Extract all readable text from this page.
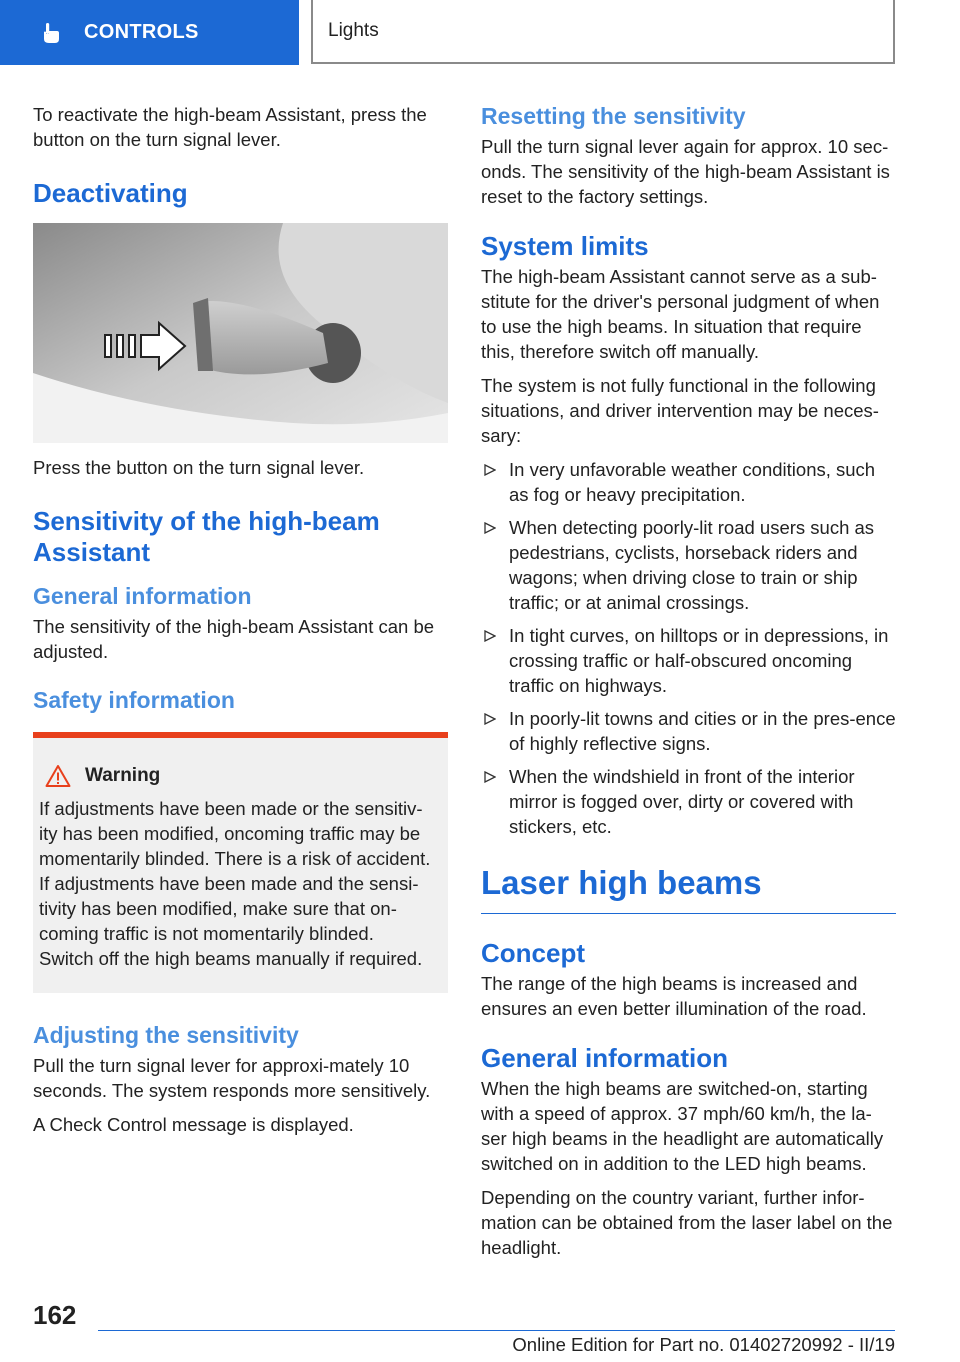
CONTROLS	Lights

To reactivate the high-beam Assistant, press the button on the turn signal lever.

Deactivating

Press the button on the turn signal lever.

Sensitivity of the high-beam Assistant
General information

The sensitivity of the high-beam Assistant can be adjusted.

Safety information
Warning

If adjustments have been made or the sensitiv‐ity has been modified, oncoming traffic may be momentarily blinded. There is a risk of accident.

If adjustments have been made and the sensi‐tivity has been modified, make sure that on‐coming traffic is not momentarily blinded.

Switch off the high beams manually if required.

Adjusting the sensitivity

Pull the turn signal lever for approxi‐mately 10 seconds. The system responds more sensitively.

A Check Control message is displayed.

Resetting the sensitivity

Pull the turn signal lever again for approx. 10 sec‐onds. The sensitivity of the high-beam Assistant is reset to the factory settings.

System limits

The high-beam Assistant cannot serve as a sub‐stitute for the driver's personal judgment of when to use the high beams. In situation that require this, therefore switch off manually.

The system is not fully functional in the following situations, and driver intervention may be neces‐sary:

In very unfavorable weather conditions, such as fog or heavy precipitation.
When detecting poorly-lit road users such as pedestrians, cyclists, horseback riders and wagons; when driving close to train or ship traffic; or at animal crossings.
In tight curves, on hilltops or in depressions, in crossing traffic or half-obscured oncoming traffic on highways.
In poorly-lit towns and cities or in the pres‐ence of highly reflective signs.
When the windshield in front of the interior mirror is fogged over, dirty or covered with stickers, etc.
Laser high beams
Concept

The range of the high beams is increased and ensures an even better illumination of the road.

General information

When the high beams are switched-on, starting with a speed of approx. 37 mph/60 km/h, the la‐ser high beams in the headlight are automatically switched on in addition to the LED high beams.

Depending on the country variant, further infor‐mation can be obtained from the laser label on the headlight.

162
Online Edition for Part no. 01402720992 - II/19
